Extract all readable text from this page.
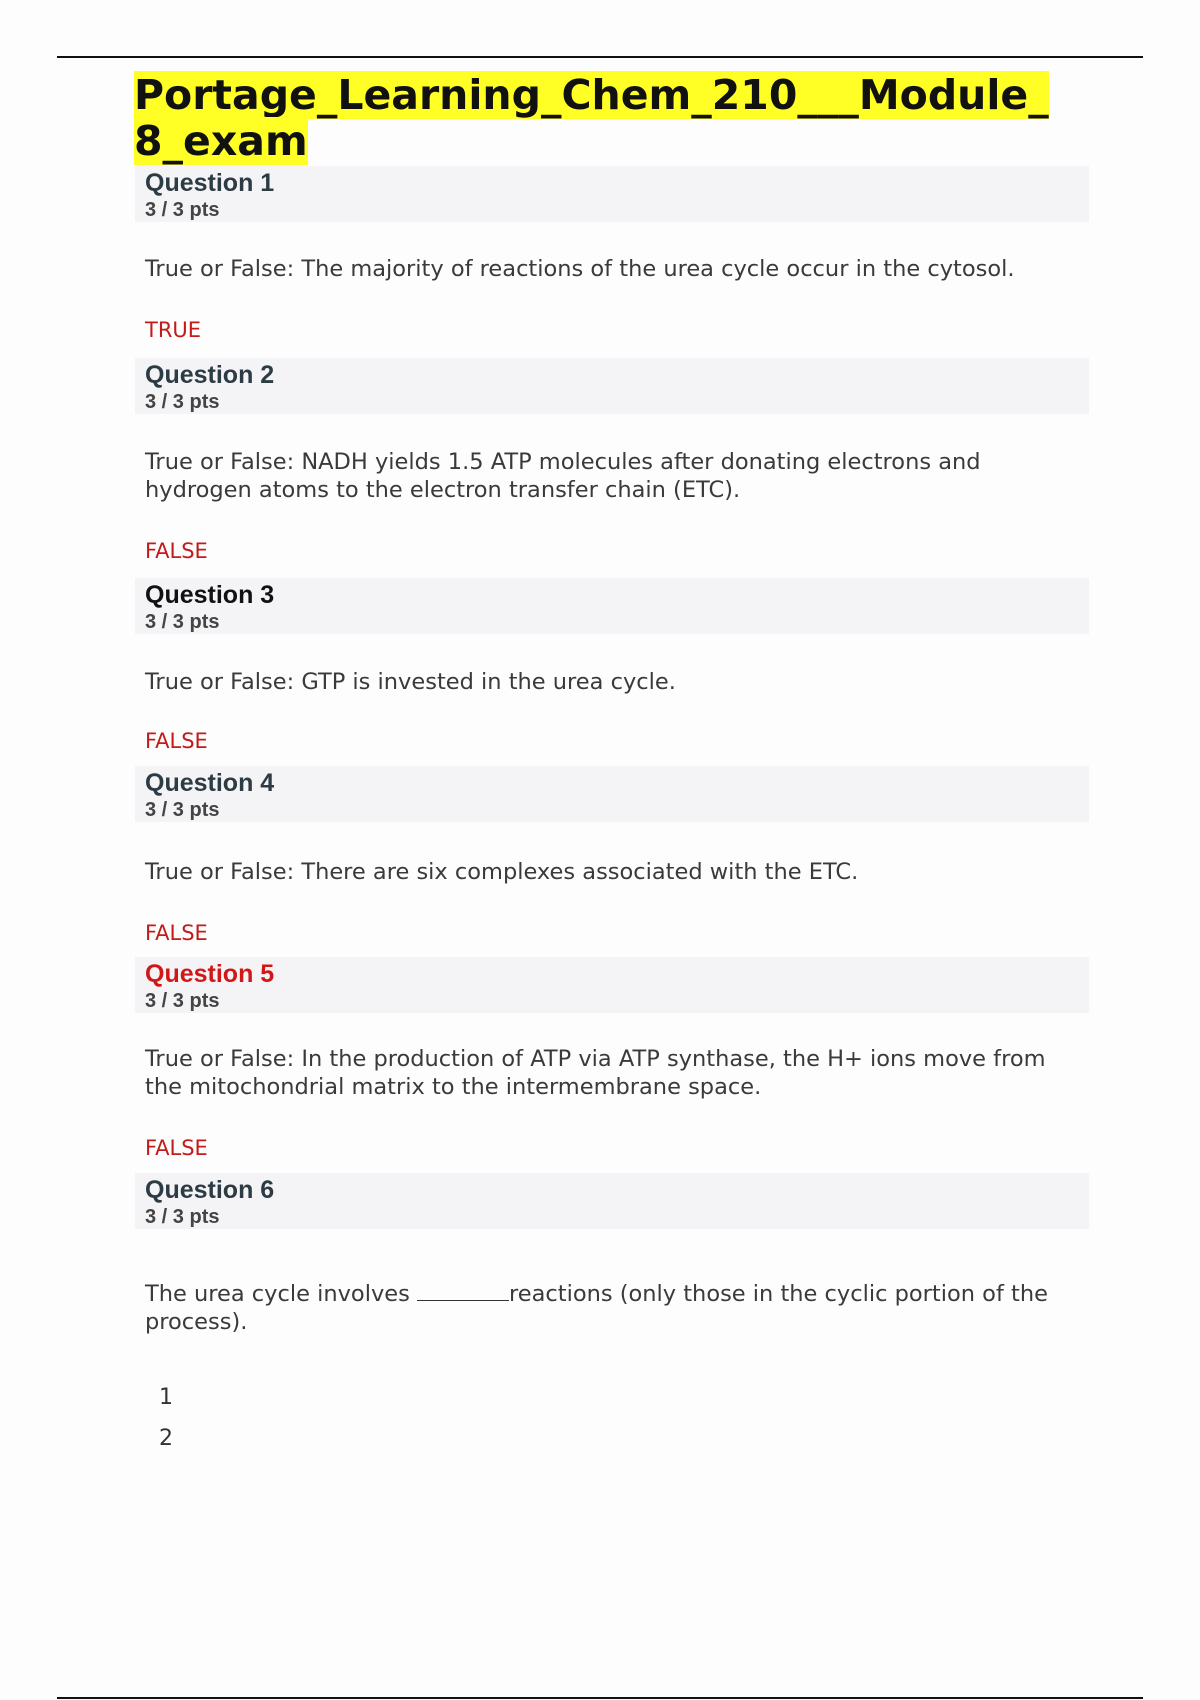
Portage_Learning_Chem_210___Module_8_exam
Question 1
3 / 3 pts

True or False: The majority of reactions of the urea cycle occur in the cytosol.

TRUE

Question 2
3 / 3 pts

True or False: NADH yields 1.5 ATP molecules after donating electrons and hydrogen atoms to the electron transfer chain (ETC).

FALSE

Question 3
3 / 3 pts

True or False: GTP is invested in the urea cycle.

FALSE

Question 4
3 / 3 pts

True or False: There are six complexes associated with the ETC.

FALSE

Question 5
3 / 3 pts

True or False: In the production of ATP via ATP synthase, the H+ ions move from the mitochondrial matrix to the intermembrane space.

FALSE

Question 6
3 / 3 pts

The urea cycle involves	reactions (only those in the cyclic portion of the process).

1
2
